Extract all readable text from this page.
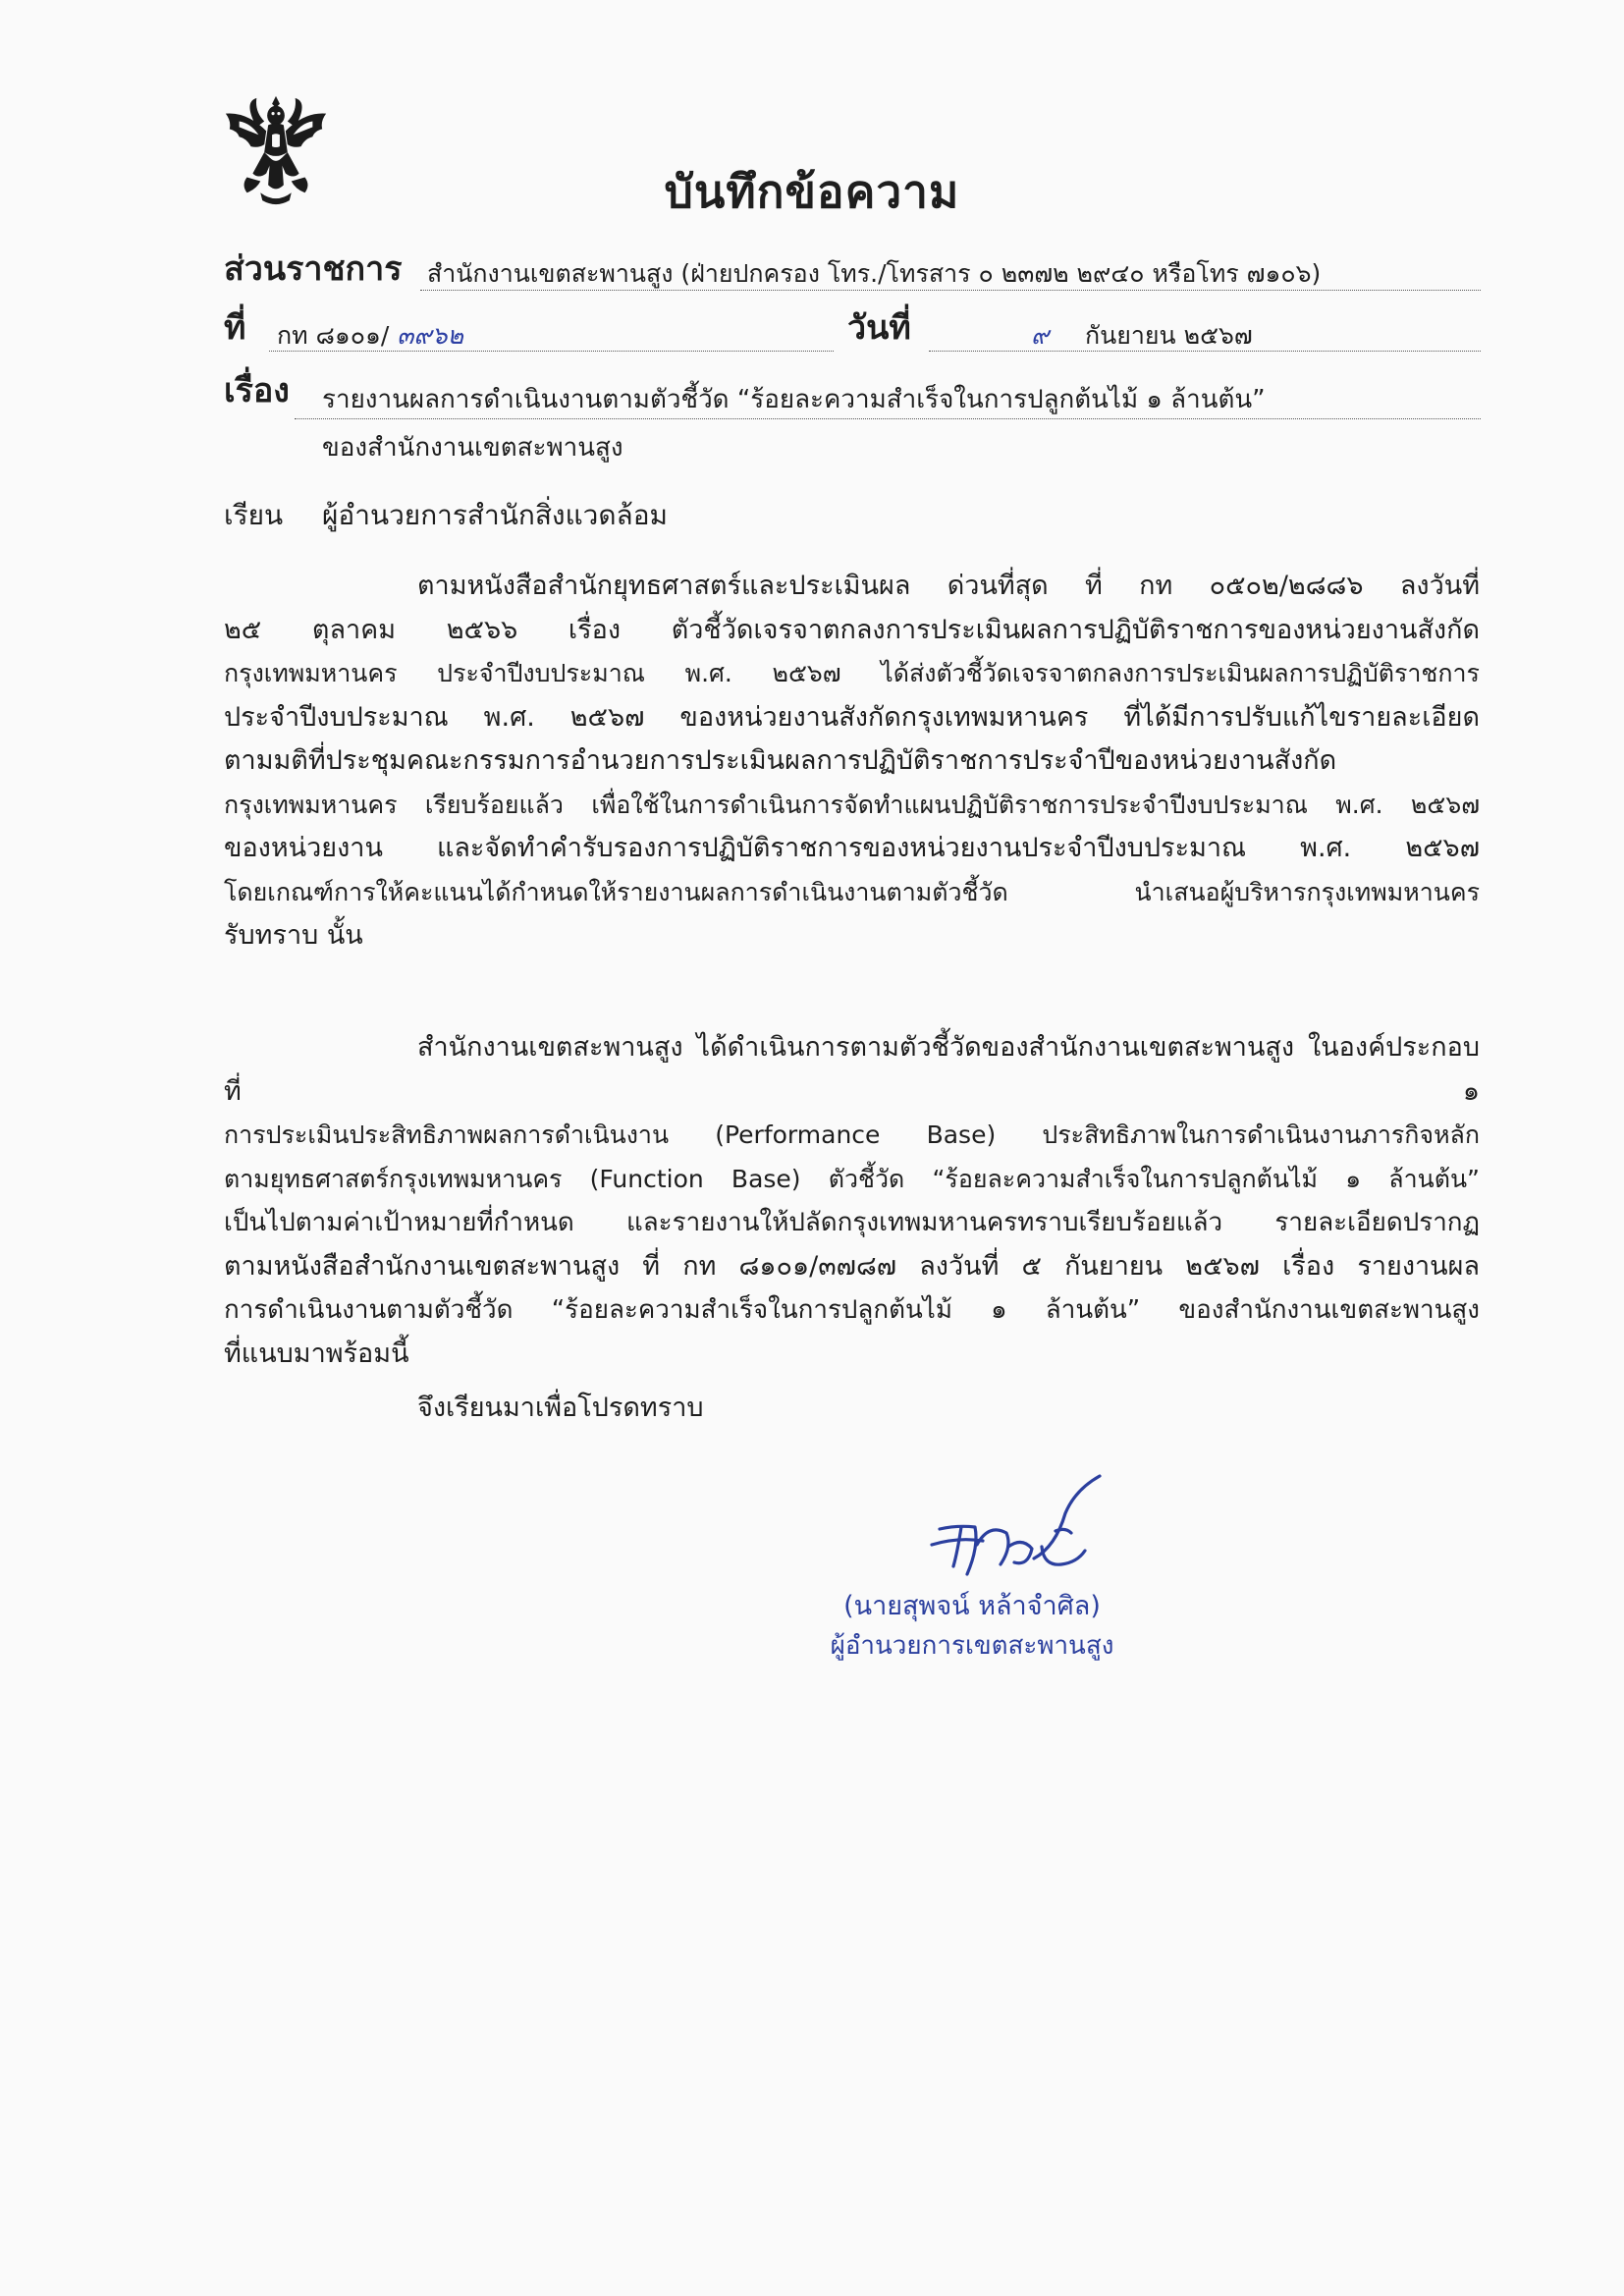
บันทึกข้อความ
ส่วนราชการ สำนักงานเขตสะพานสูง (ฝ่ายปกครอง โทร./โทรสาร ๐ ๒๓๗๒ ๒๙๔๐ หรือโทร ๗๑๐๖)
ที่ กท ๘๑๐๑/ ๓๙๖๒	วันที่	๙ กันยายน ๒๕๖๗
เรื่อง รายงานผลการดำเนินงานตามตัวชี้วัด “ร้อยละความสำเร็จในการปลูกต้นไม้ ๑ ล้านต้น”
ของสำนักงานเขตสะพานสูง
เรียน ผู้อำนวยการสำนักสิ่งแวดล้อม
ตามหนังสือสำนักยุทธศาสตร์และประเมินผล ด่วนที่สุด ที่ กท ๐๕๐๒/๒๘๘๖ ลงวันที่
๒๕ ตุลาคม ๒๕๖๖ เรื่อง ตัวชี้วัดเจรจาตกลงการประเมินผลการปฏิบัติราชการของหน่วยงานสังกัด
กรุงเทพมหานคร ประจำปีงบประมาณ พ.ศ. ๒๕๖๗ ได้ส่งตัวชี้วัดเจรจาตกลงการประเมินผลการปฏิบัติราชการ
ประจำปีงบประมาณ พ.ศ. ๒๕๖๗ ของหน่วยงานสังกัดกรุงเทพมหานคร ที่ได้มีการปรับแก้ไขรายละเอียด
ตามมติที่ประชุมคณะกรรมการอำนวยการประเมินผลการปฏิบัติราชการประจำปีของหน่วยงานสังกัด
กรุงเทพมหานคร เรียบร้อยแล้ว เพื่อใช้ในการดำเนินการจัดทำแผนปฏิบัติราชการประจำปีงบประมาณ พ.ศ. ๒๕๖๗
ของหน่วยงาน และจัดทำคำรับรองการปฏิบัติราชการของหน่วยงานประจำปีงบประมาณ พ.ศ. ๒๕๖๗
โดยเกณฑ์การให้คะแนนได้กำหนดให้รายงานผลการดำเนินงานตามตัวชี้วัด นำเสนอผู้บริหารกรุงเทพมหานคร
รับทราบ นั้น
สำนักงานเขตสะพานสูง ได้ดำเนินการตามตัวชี้วัดของสำนักงานเขตสะพานสูง ในองค์ประกอบที่ ๑
การประเมินประสิทธิภาพผลการดำเนินงาน (Performance Base) ประสิทธิภาพในการดำเนินงานภารกิจหลัก
ตามยุทธศาสตร์กรุงเทพมหานคร (Function Base) ตัวชี้วัด “ร้อยละความสำเร็จในการปลูกต้นไม้ ๑ ล้านต้น”
เป็นไปตามค่าเป้าหมายที่กำหนด และรายงานให้ปลัดกรุงเทพมหานครทราบเรียบร้อยแล้ว รายละเอียดปรากฏ
ตามหนังสือสำนักงานเขตสะพานสูง ที่ กท ๘๑๐๑/๓๗๘๗ ลงวันที่ ๕ กันยายน ๒๕๖๗ เรื่อง รายงานผล
การดำเนินงานตามตัวชี้วัด “ร้อยละความสำเร็จในการปลูกต้นไม้ ๑ ล้านต้น” ของสำนักงานเขตสะพานสูง
ที่แนบมาพร้อมนี้
จึงเรียนมาเพื่อโปรดทราบ
(นายสุพจน์ หล้าจำศิล)
ผู้อำนวยการเขตสะพานสูง
